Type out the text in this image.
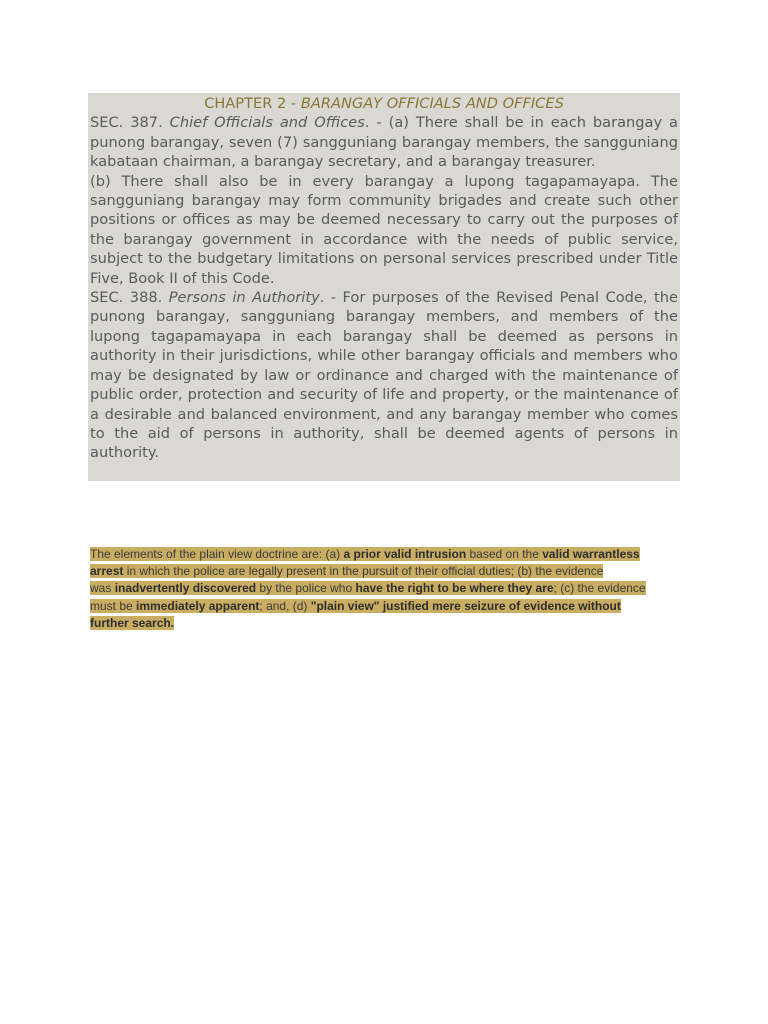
CHAPTER 2 - BARANGAY OFFICIALS AND OFFICES

SEC. 387. Chief Officials and Offices. - (a) There shall be in each barangay a punong barangay, seven (7) sangguniang barangay members, the sangguniang kabataan chairman, a barangay secretary, and a barangay treasurer.

(b) There shall also be in every barangay a lupong tagapamayapa. The sangguniang barangay may form community brigades and create such other positions or offices as may be deemed necessary to carry out the purposes of the barangay government in accordance with the needs of public service, subject to the budgetary limitations on personal services prescribed under Title Five, Book II of this Code.

SEC. 388. Persons in Authority. - For purposes of the Revised Penal Code, the punong barangay, sangguniang barangay members, and members of the lupong tagapamayapa in each barangay shall be deemed as persons in authority in their jurisdictions, while other barangay officials and members who may be designated by law or ordinance and charged with the maintenance of public order, protection and security of life and property, or the maintenance of a desirable and balanced environment, and any barangay member who comes to the aid of persons in authority, shall be deemed agents of persons in authority.

The elements of the plain view doctrine are: (a) a prior valid intrusion based on the valid warrantless
arrest in which the police are legally present in the pursuit of their official duties; (b) the evidence
was inadvertently discovered by the police who have the right to be where they are; (c) the evidence
must be immediately apparent; and, (d) "plain view" justified mere seizure of evidence without
further search.
